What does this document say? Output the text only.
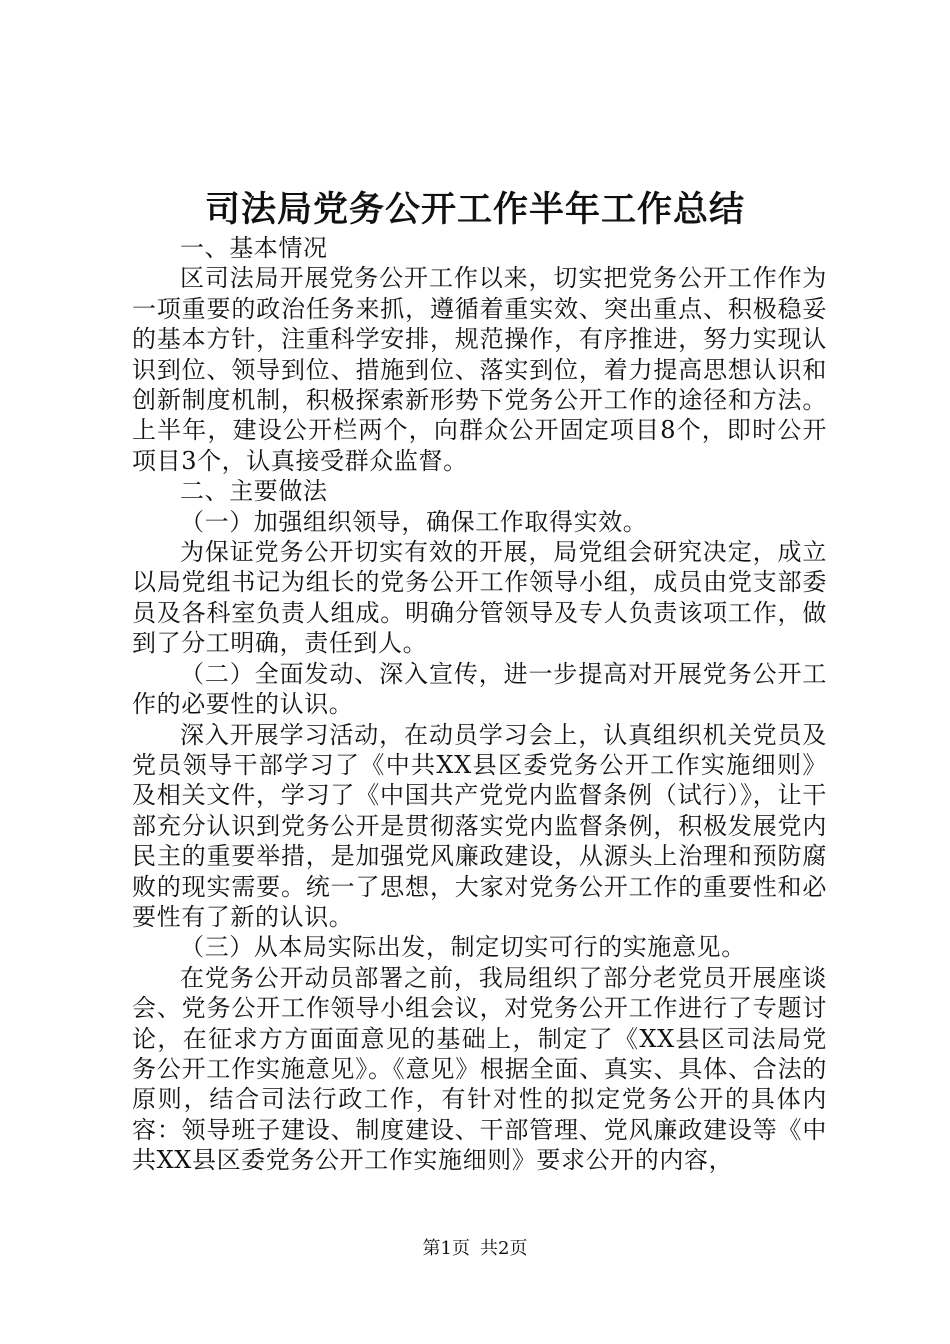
司法局党务公开工作半年工作总结

一、基本情况

区司法局开展党务公开工作以来，切实把党务公开工作作为一项重要的政治任务来抓，遵循着重实效、突出重点、积极稳妥的基本方针，注重科学安排，规范操作，有序推进，努力实现认识到位、领导到位、措施到位、落实到位，着力提高思想认识和创新制度机制，积极探索新形势下党务公开工作的途径和方法。上半年，建设公开栏两个，向群众公开固定项目8个，即时公开项目3个，认真接受群众监督。

二、主要做法

（一）加强组织领导，确保工作取得实效。

为保证党务公开切实有效的开展，局党组会研究决定，成立以局党组书记为组长的党务公开工作领导小组，成员由党支部委员及各科室负责人组成。明确分管领导及专人负责该项工作，做到了分工明确，责任到人。

（二）全面发动、深入宣传，进一步提高对开展党务公开工作的必要性的认识。

深入开展学习活动，在动员学习会上，认真组织机关党员及党员领导干部学习了《中共XX县区委党务公开工作实施细则》及相关文件，学习了《中国共产党党内监督条例（试行）》，让干部充分认识到党务公开是贯彻落实党内监督条例，积极发展党内民主的重要举措，是加强党风廉政建设，从源头上治理和预防腐败的现实需要。统一了思想，大家对党务公开工作的重要性和必要性有了新的认识。

（三）从本局实际出发，制定切实可行的实施意见。

在党务公开动员部署之前，我局组织了部分老党员开展座谈会、党务公开工作领导小组会议，对党务公开工作进行了专题讨论，在征求方方面面意见的基础上，制定了《XX县区司法局党务公开工作实施意见》。《意见》根据全面、真实、具体、合法的原则，结合司法行政工作，有针对性的拟定党务公开的具体内容：领导班子建设、制度建设、干部管理、党风廉政建设等《中共XX县区委党务公开工作实施细则》要求公开的内容，

第1页 共2页
